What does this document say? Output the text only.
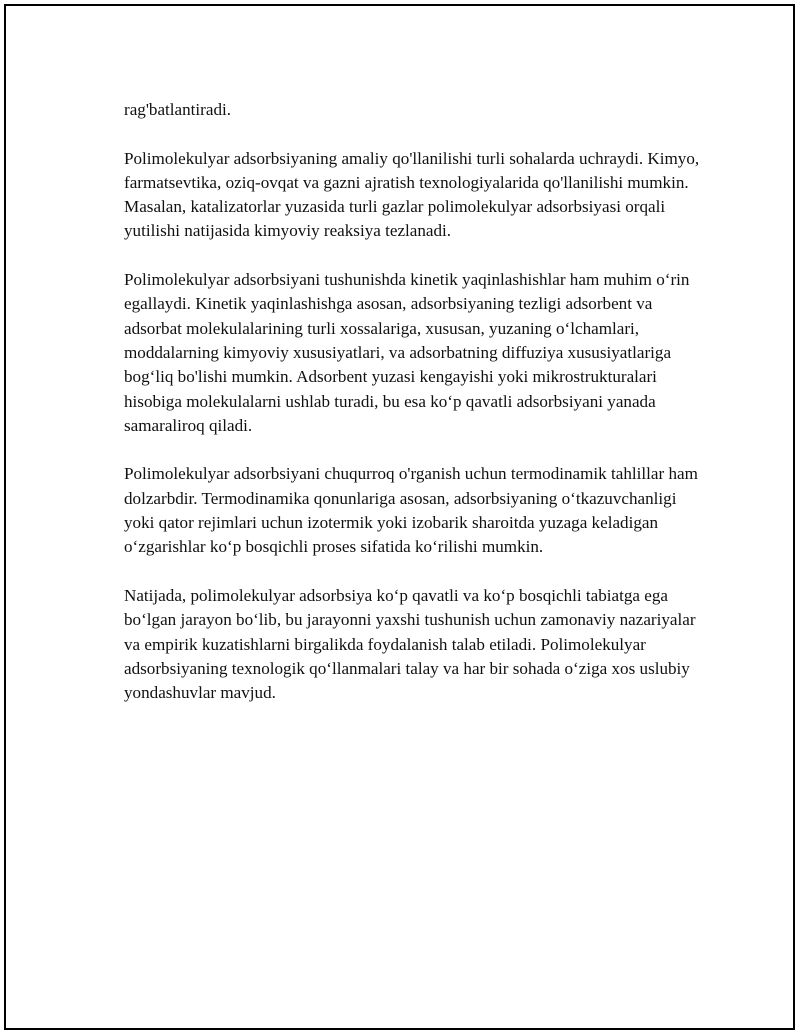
rag'batlantiradi.

Polimolekulyar adsorbsiyaning amaliy qo'llanilishi turli sohalarda uchraydi. Kimyo, farmatsevtika, oziq-ovqat va gazni ajratish texnologiyalarida qo'llanilishi mumkin. Masalan, katalizatorlar yuzasida turli gazlar polimolekulyar adsorbsiyasi orqali yutilishi natijasida kimyoviy reaksiya tezlanadi.

Polimolekulyar adsorbsiyani tushunishda kinetik yaqinlashishlar ham muhim o‘rin egallaydi. Kinetik yaqinlashishga asosan, adsorbsiyaning tezligi adsorbent va adsorbat molekulalarining turli xossalariga, xususan, yuzaning o‘lchamlari, moddalarning kimyoviy xususiyatlari, va adsorbatning diffuziya xususiyatlariga bog‘liq bo'lishi mumkin. Adsorbent yuzasi kengayishi yoki mikrostrukturalari hisobiga molekulalarni ushlab turadi, bu esa ko‘p qavatli adsorbsiyani yanada samaraliroq qiladi.

Polimolekulyar adsorbsiyani chuqurroq o'rganish uchun termodinamik tahlillar ham dolzarbdir. Termodinamika qonunlariga asosan, adsorbsiyaning o‘tkazuvchanligi yoki qator rejimlari uchun izotermik yoki izobarik sharoitda yuzaga keladigan o‘zgarishlar ko‘p bosqichli proses sifatida ko‘rilishi mumkin.

Natijada, polimolekulyar adsorbsiya ko‘p qavatli va ko‘p bosqichli tabiatga ega bo‘lgan jarayon bo‘lib, bu jarayonni yaxshi tushunish uchun zamonaviy nazariyalar va empirik kuzatishlarni birgalikda foydalanish talab etiladi. Polimolekulyar adsorbsiyaning texnologik qo‘llanmalari talay va har bir sohada o‘ziga xos uslubiy yondashuvlar mavjud.
